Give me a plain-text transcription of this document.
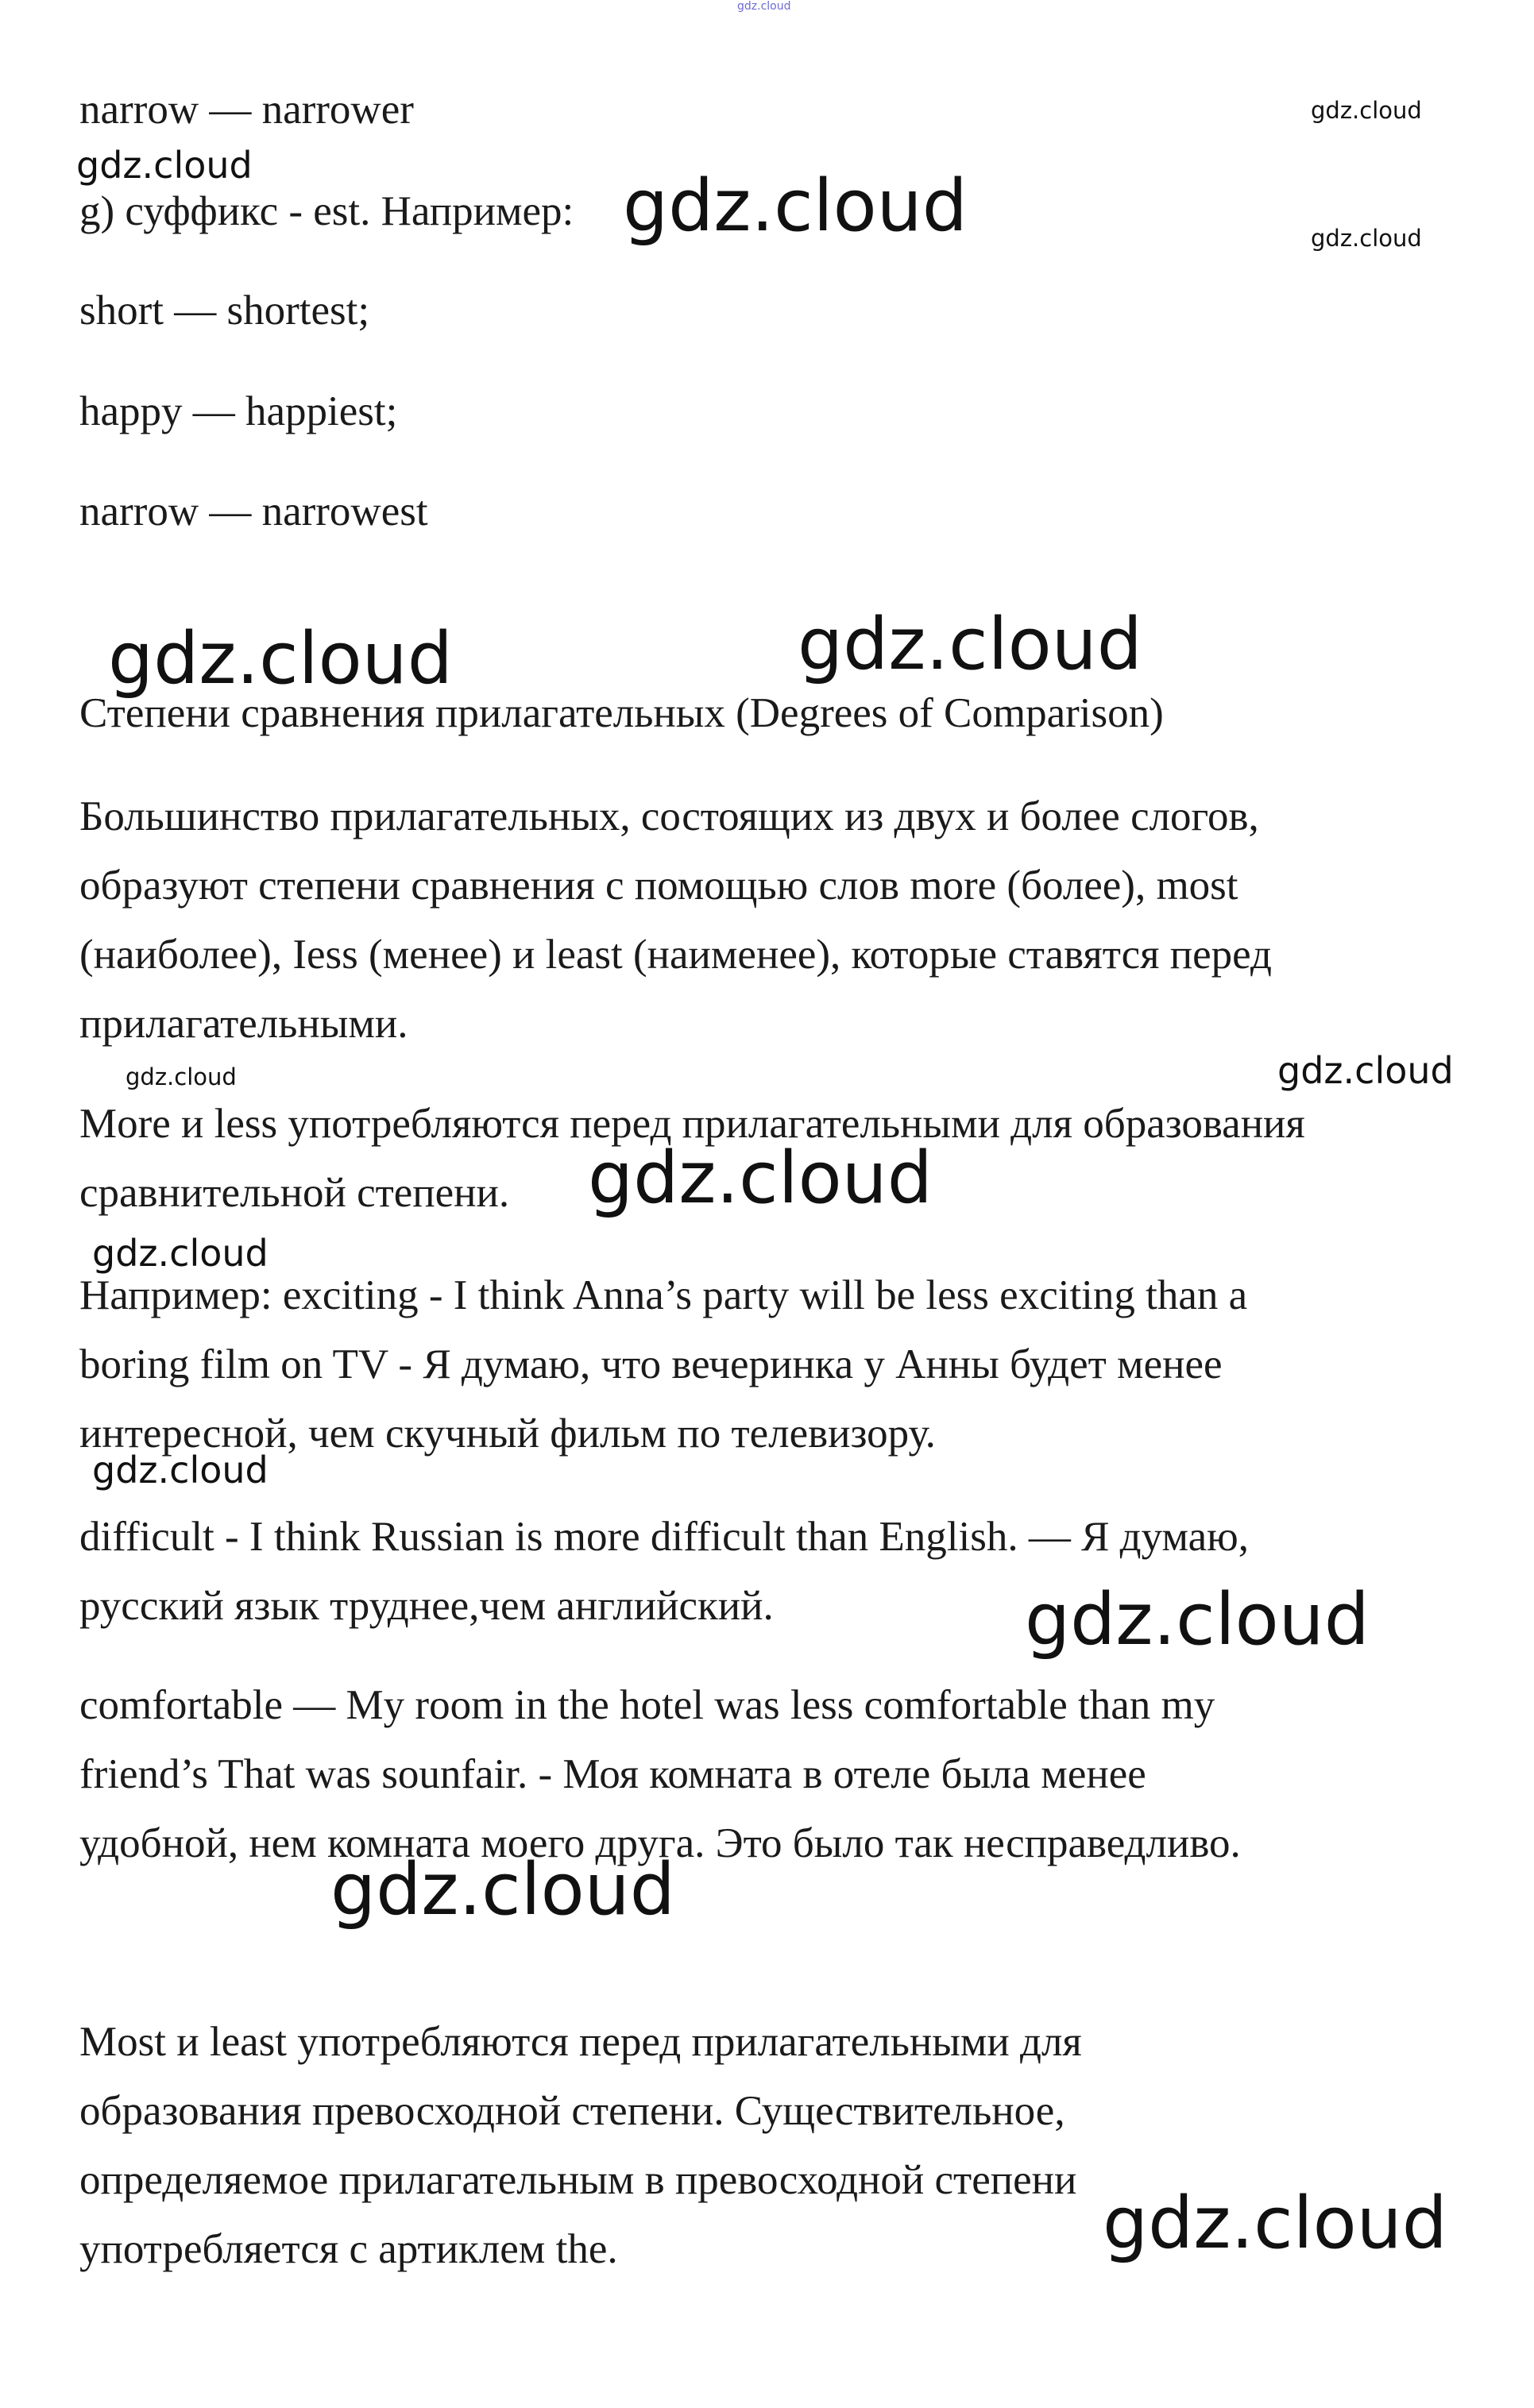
gdz.cloud

narrow — narrower

g) суффикс - est. Например:

short — shortest;

happy — happiest;

narrow — narrowest

Степени сравнения прилагательных (Degrees of Comparison)

Большинство прилагательных, состоящих из двух и более слогов,
образуют степени сравнения с помощью слов more (более), most
(наиболее), Iess (менее) и least (наименее), которые ставятся перед
прилагательными.
More и less употребляются перед прилагательными для образования
сравнительной степени.
Например: exciting - I think Anna’s party will be less exciting than a
boring film on TV - Я думаю, что вечеринка у Анны будет менее
интересной, чем скучный фильм по телевизору.
difficult - I think Russian is more difficult than English. — Я думаю,
русский язык труднее,чем английский.
comfortable — My room in the hotel was less comfortable than my
friend’s That was sounfair. - Моя комната в отеле была менее
удобной, нем комната моего друга. Это было так несправедливо.
Most и least употребляются перед прилагательными для
образования превосходной степени. Существительное,
определяемое прилагательным в превосходной степени
употребляется с артиклем the.
gdz.cloud
gdz.cloud	gdz.cloud	gdz.cloud
gdz.cloud	gdz.cloud
gdz.cloud	gdz.cloud
gdz.cloud
gdz.cloud
gdz.cloud
gdz.cloud
gdz.cloud
gdz.cloud
